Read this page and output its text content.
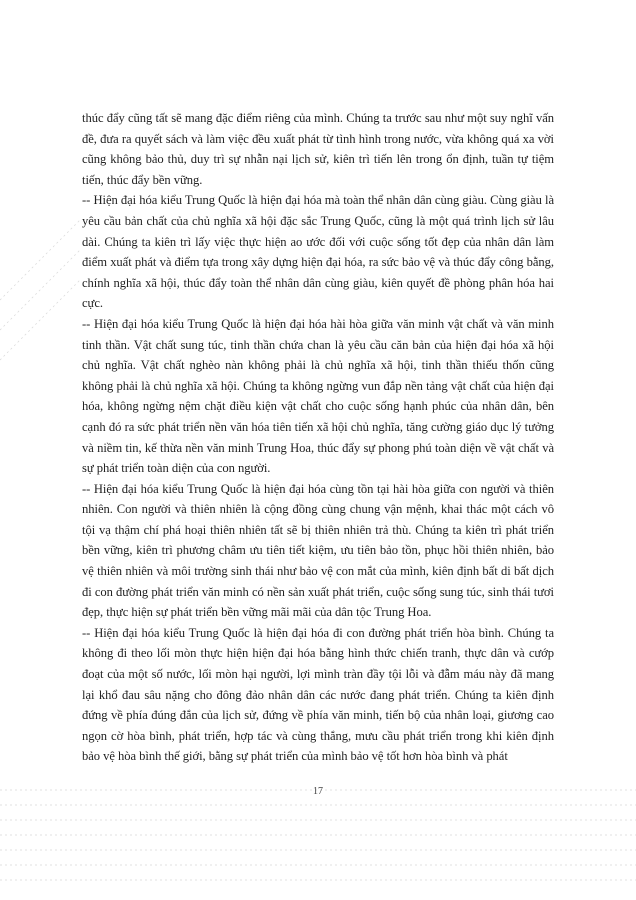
thúc đẩy cũng tất sẽ mang đặc điểm riêng của mình. Chúng ta trước sau như một suy nghĩ vấn đề, đưa ra quyết sách và làm việc đều xuất phát từ tình hình trong nước, vừa không quá xa vời cũng không bảo thủ, duy trì sự nhẫn nại lịch sử, kiên trì tiến lên trong ổn định, tuần tự tiệm tiến, thúc đẩy bền vững.

-- Hiện đại hóa kiểu Trung Quốc là hiện đại hóa mà toàn thể nhân dân cùng giàu. Cùng giàu là yêu cầu bản chất của chủ nghĩa xã hội đặc sắc Trung Quốc, cũng là một quá trình lịch sử lâu dài. Chúng ta kiên trì lấy việc thực hiện ao ước đối với cuộc sống tốt đẹp của nhân dân làm điểm xuất phát và điểm tựa trong xây dựng hiện đại hóa, ra sức bảo vệ và thúc đẩy công bằng, chính nghĩa xã hội, thúc đẩy toàn thể nhân dân cùng giàu, kiên quyết đề phòng phân hóa hai cực.

-- Hiện đại hóa kiểu Trung Quốc là hiện đại hóa hài hòa giữa văn minh vật chất và văn minh tinh thần. Vật chất sung túc, tinh thần chứa chan là yêu cầu căn bản của hiện đại hóa xã hội chủ nghĩa. Vật chất nghèo nàn không phải là chủ nghĩa xã hội, tinh thần thiếu thốn cũng không phải là chủ nghĩa xã hội. Chúng ta không ngừng vun đắp nền tảng vật chất của hiện đại hóa, không ngừng nệm chặt điều kiện vật chất cho cuộc sống hạnh phúc của nhân dân, bên cạnh đó ra sức phát triển nền văn hóa tiên tiến xã hội chủ nghĩa, tăng cường giáo dục lý tưởng và niềm tin, kế thừa nền văn minh Trung Hoa, thúc đẩy sự phong phú toàn diện về vật chất và sự phát triển toàn diện của con người.

-- Hiện đại hóa kiểu Trung Quốc là hiện đại hóa cùng tồn tại hài hòa giữa con người và thiên nhiên. Con người và thiên nhiên là cộng đồng cùng chung vận mệnh, khai thác một cách vô tội vạ thậm chí phá hoại thiên nhiên tất sẽ bị thiên nhiên trả thù. Chúng ta kiên trì phát triển bền vững, kiên trì phương châm ưu tiên tiết kiệm, ưu tiên bảo tồn, phục hồi thiên nhiên, bảo vệ thiên nhiên và môi trường sinh thái như bảo vệ con mắt của mình, kiên định bất di bất dịch đi con đường phát triển văn minh có nền sản xuất phát triển, cuộc sống sung túc, sinh thái tươi đẹp, thực hiện sự phát triển bền vững mãi mãi của dân tộc Trung Hoa.

-- Hiện đại hóa kiểu Trung Quốc là hiện đại hóa đi con đường phát triển hòa bình. Chúng ta không đi theo lối mòn thực hiện hiện đại hóa bằng hình thức chiến tranh, thực dân và cướp đoạt của một số nước, lối mòn hại người, lợi mình tràn đầy tội lỗi và đẫm máu này đã mang lại khổ đau sâu nặng cho đông đảo nhân dân các nước đang phát triển. Chúng ta kiên định đứng về phía đúng đắn của lịch sử, đứng về phía văn minh, tiến bộ của nhân loại, giương cao ngọn cờ hòa bình, phát triển, hợp tác và cùng thắng, mưu cầu phát triển trong khi kiên định bảo vệ hòa bình thế giới, bằng sự phát triển của mình bảo vệ tốt hơn hòa bình và phát

17
